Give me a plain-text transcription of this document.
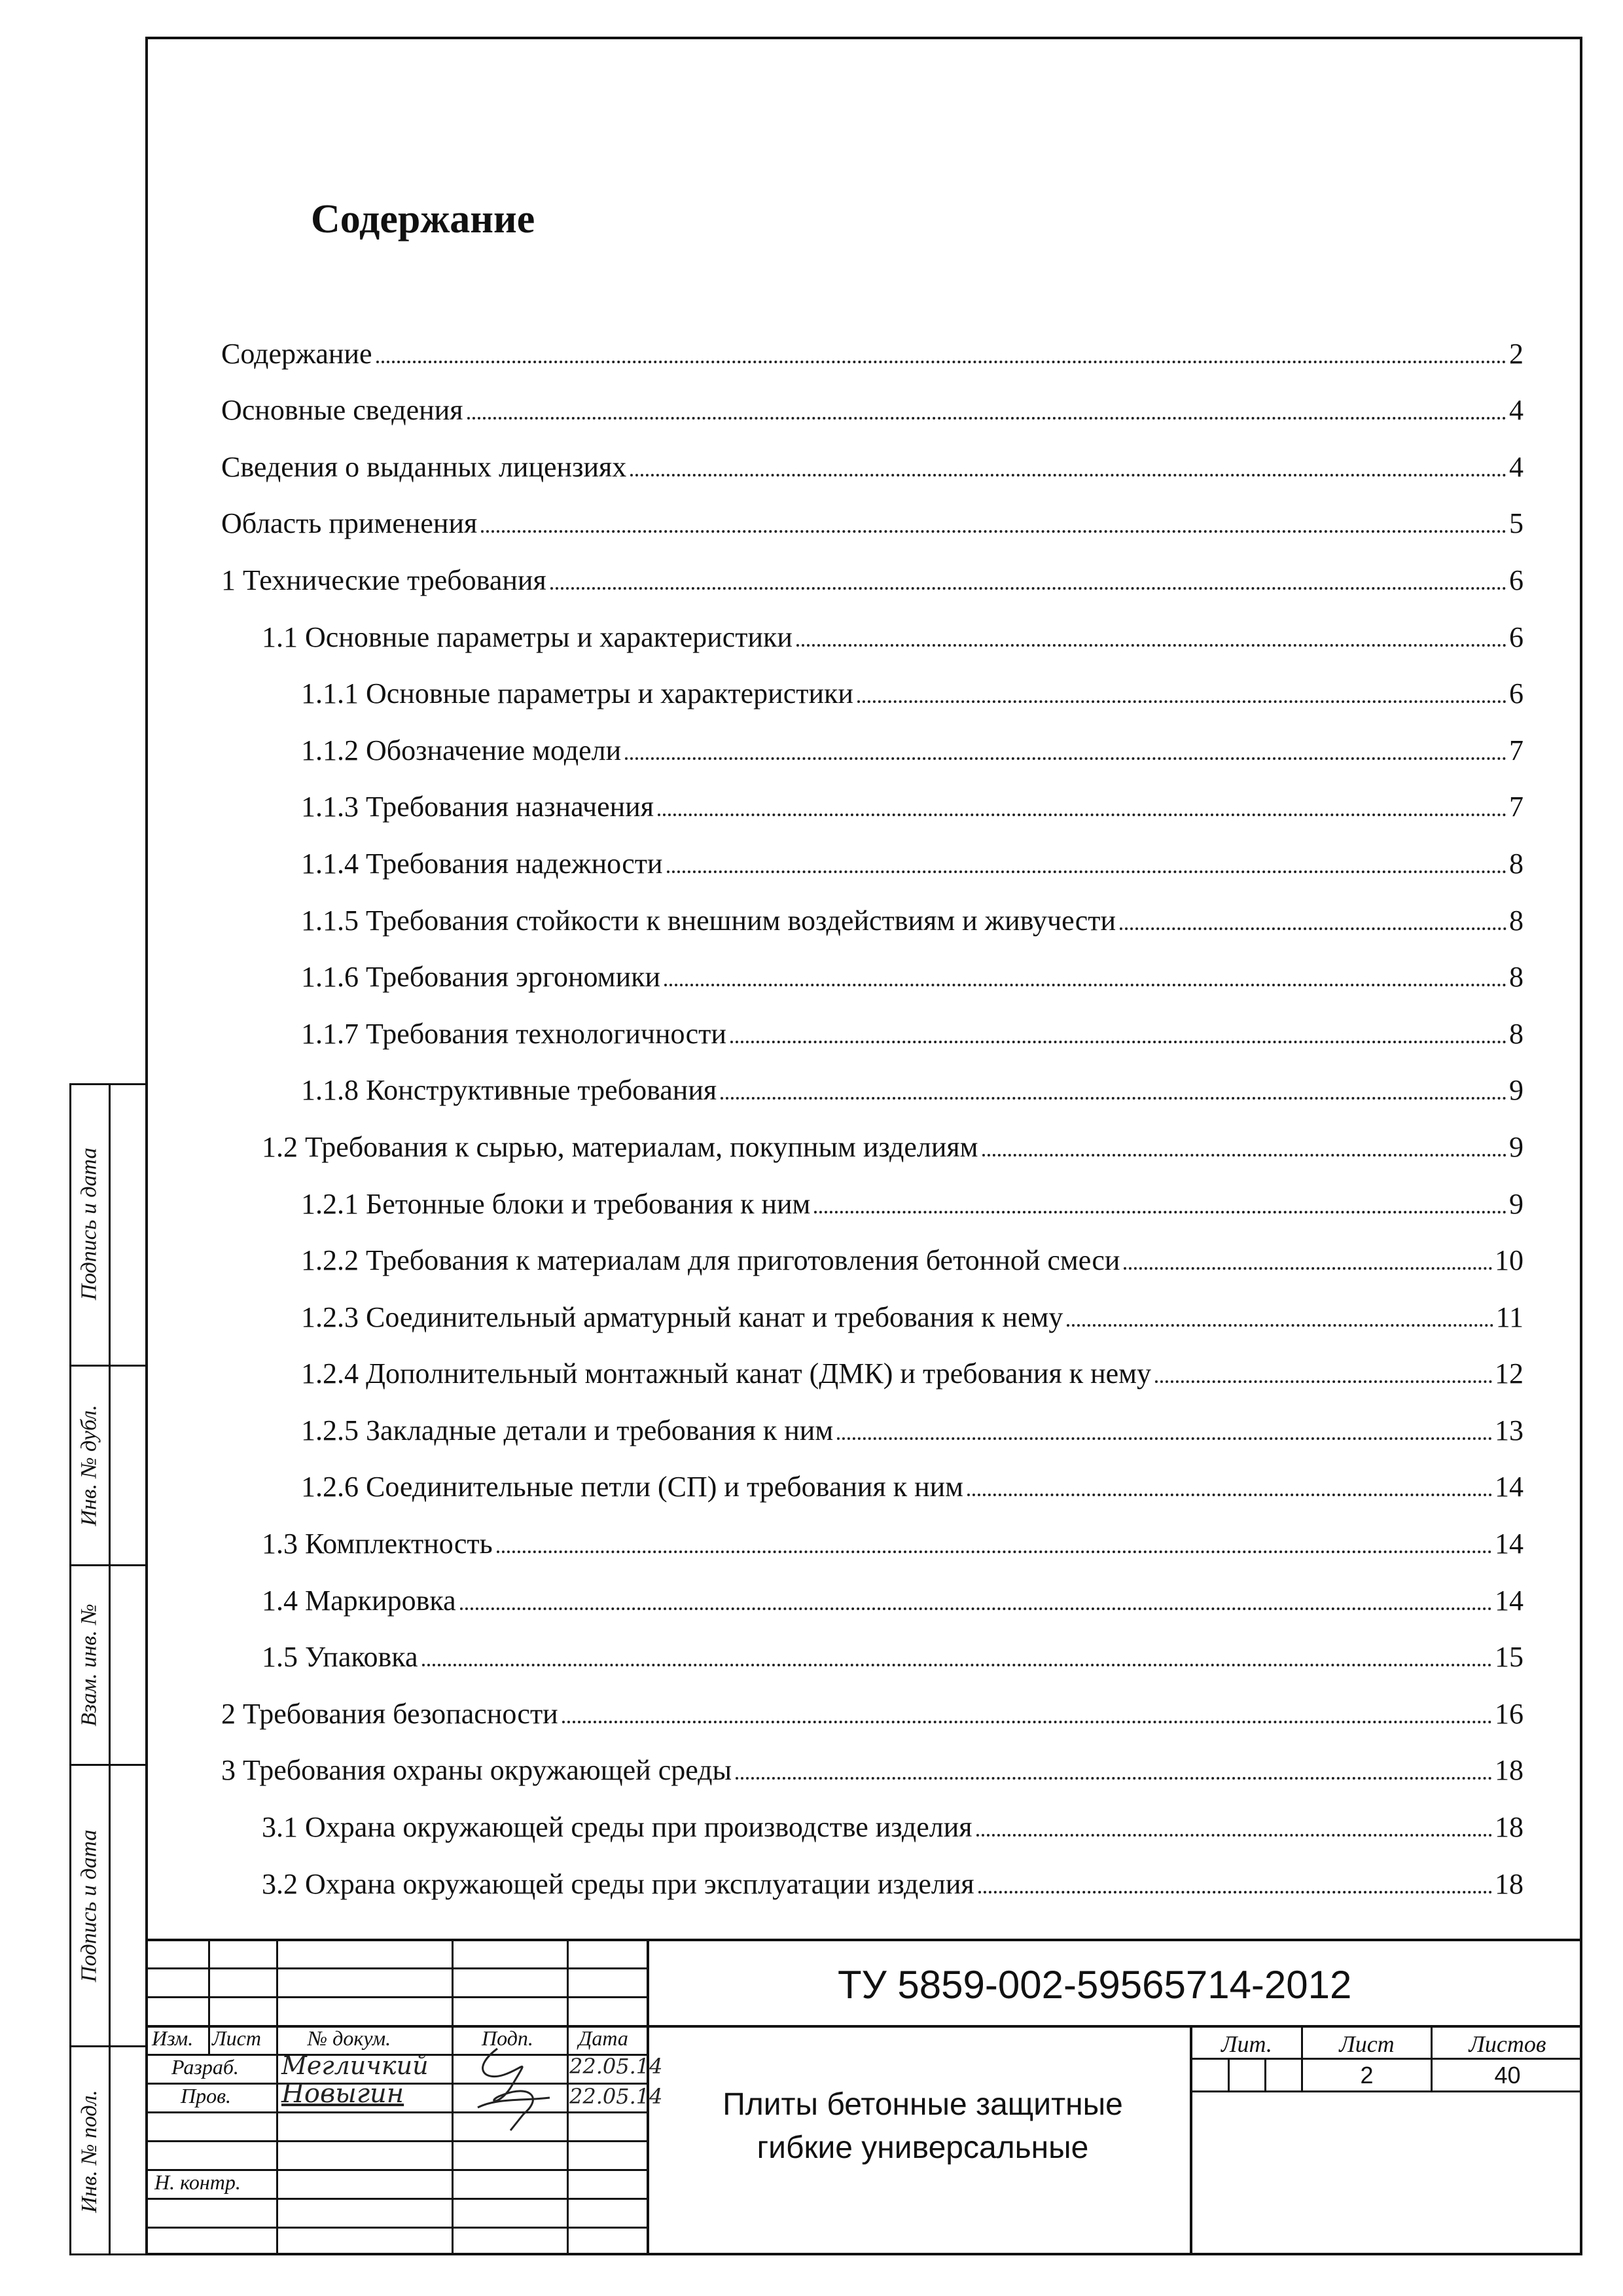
Подпись и дата
Инв. № дубл.
Взам. инв. №
Подпись и дата
Инв. № подл.
Содержание
Содержание	2
Основные сведения	4
Сведения о выданных лицензиях	4
Область применения	5
1 Технические требования	6
1.1 Основные параметры и характеристики	6
1.1.1 Основные параметры и характеристики	6
1.1.2 Обозначение модели	7
1.1.3 Требования назначения	7
1.1.4 Требования надежности	8
1.1.5 Требования стойкости к внешним воздействиям и живучести	8
1.1.6 Требования эргономики	8
1.1.7 Требования технологичности	8
1.1.8 Конструктивные требования	9
1.2 Требования к сырью, материалам, покупным изделиям	9
1.2.1 Бетонные блоки и требования к ним	9
1.2.2 Требования к материалам для приготовления бетонной смеси	10
1.2.3 Соединительный арматурный канат и требования к нему	11
1.2.4 Дополнительный монтажный канат (ДМК) и требования к нему	12
1.2.5 Закладные детали и требования к ним	13
1.2.6 Соединительные петли (СП) и требования к ним	14
1.3 Комплектность	14
1.4 Маркировка	14
1.5 Упаковка	15
2 Требования безопасности	16
3 Требования охраны окружающей среды	18
3.1 Охрана окружающей среды при производстве изделия	18
3.2 Охрана окружающей среды при эксплуатации изделия	18
Изм. Лист № докум.	Подп. Дата
Разраб. Мегличкий	22.05.14
Пров. Новыгин	22.05.14
Н. контр.
ТУ 5859-002-59565714-2012
Плиты бетонные защитные
гибкие универсальные
Лит.	Лист	Листов
2	40
